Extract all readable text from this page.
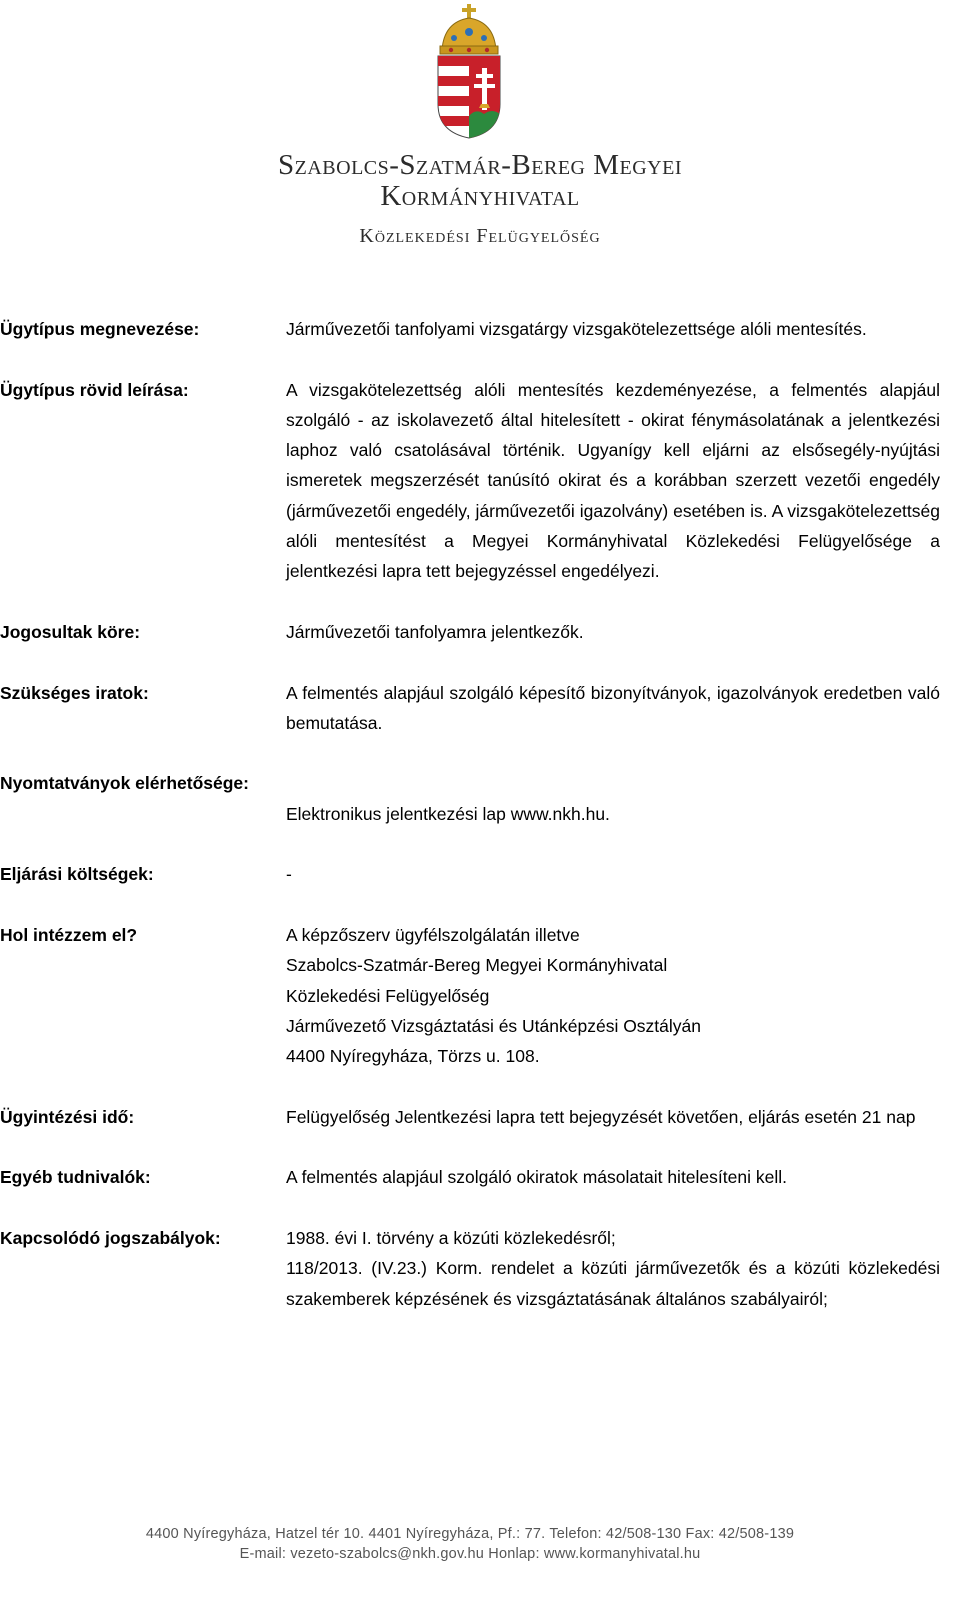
Szabolcs-Szatmár-Bereg Megyei
Kormányhivatal
Közlekedési Felügyelőség
Ügytípus megnevezése:	Járművezetői tanfolyami vizsgatárgy vizsgakötelezettsége alóli mentesítés.
Ügytípus rövid leírása:	A vizsgakötelezettség alóli mentesítés kezdeményezése, a felmentés alapjául szolgáló - az iskolavezető által hitelesített - okirat fénymásolatának a jelentkezési laphoz való csatolásával történik. Ugyanígy kell eljárni az elsősegély-nyújtási ismeretek megszerzését tanúsító okirat és a korábban szerzett vezetői engedély (járművezetői engedély, járművezetői igazolvány) esetében is. A vizsgakötelezettség alóli mentesítést a Megyei Kormányhivatal Közlekedési Felügyelősége a jelentkezési lapra tett bejegyzéssel engedélyezi.
Jogosultak köre:	Járművezetői tanfolyamra jelentkezők.
Szükséges iratok:	A felmentés alapjául szolgáló képesítő bizonyítványok, igazolványok eredetben való bemutatása.
Nyomtatványok elérhetősége:
Elektronikus jelentkezési lap www.nkh.hu.
Eljárási költségek:	-
Hol intézzem el?	A képzőszerv ügyfélszolgálatán illetve
Szabolcs-Szatmár-Bereg Megyei Kormányhivatal
Közlekedési Felügyelőség
Járművezető Vizsgáztatási és Utánképzési Osztályán
4400 Nyíregyháza, Törzs u. 108.
Ügyintézési idő:	Felügyelőség Jelentkezési lapra tett bejegyzését követően, eljárás esetén 21 nap
Egyéb tudnivalók:	A felmentés alapjául szolgáló okiratok másolatait hitelesíteni kell.
Kapcsolódó jogszabályok:	1988. évi I. törvény a közúti közlekedésről;
118/2013. (IV.23.) Korm. rendelet a közúti járművezetők és a közúti közlekedési szakemberek képzésének és vizsgáztatásának általános szabályairól;
4400 Nyíregyháza, Hatzel tér 10. 4401 Nyíregyháza, Pf.: 77. Telefon: 42/508-130 Fax: 42/508-139
E-mail: vezeto-szabolcs@nkh.gov.hu Honlap: www.kormanyhivatal.hu
